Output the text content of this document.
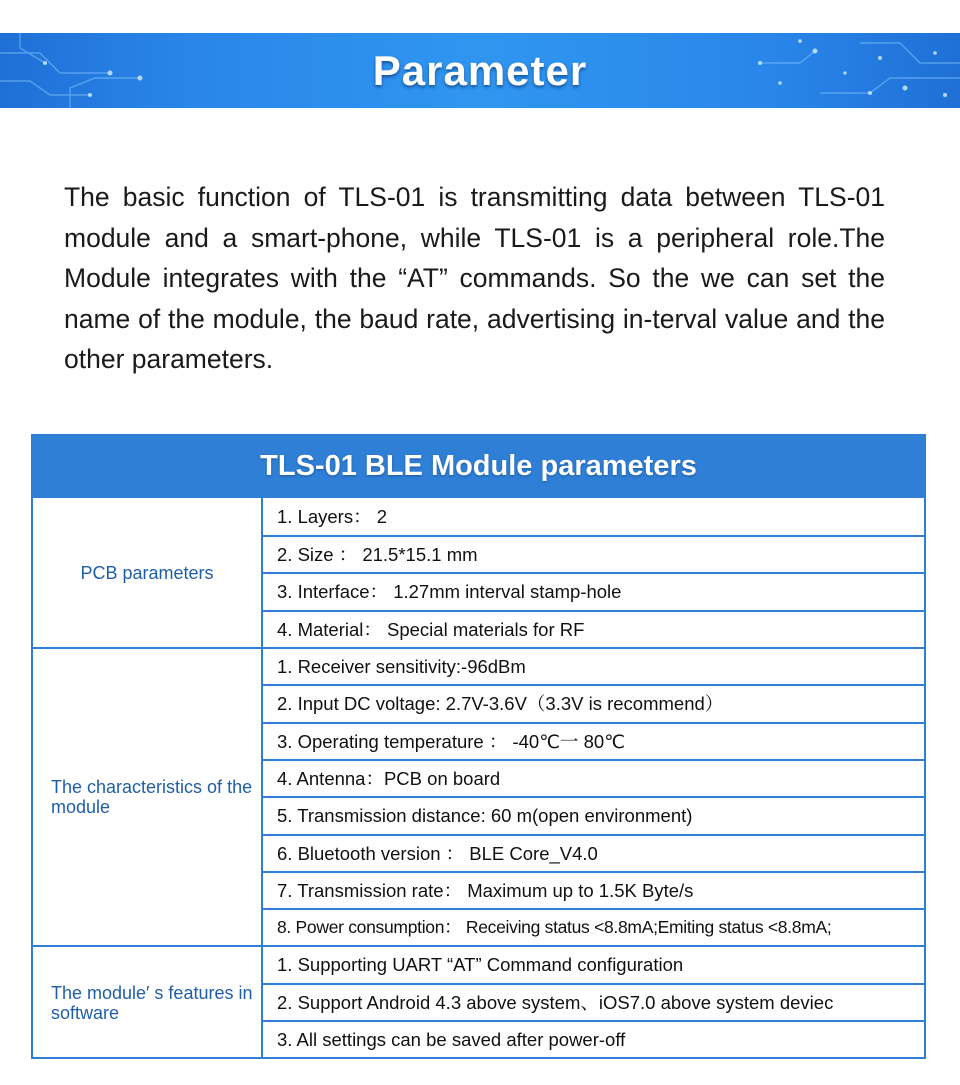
Parameter

The basic function of TLS-01 is transmitting data between TLS-01 module and a smart-phone, while TLS-01 is a peripheral role.The Module integrates with the “AT” commands. So the we can set the name of the module, the baud rate, advertising in-terval value and the other parameters.

TLS-01 BLE Module parameters
PCB parameters
The characteristics of the module
The module′ s features in software
1. Layers： 2
2. Size ： 21.5*15.1 mm
3. Interface： 1.27mm interval stamp-hole
4. Material： Special materials for RF
1. Receiver sensitivity:-96dBm
2. Input DC voltage: 2.7V-3.6V（3.3V is recommend）
3. Operating temperature ： -40℃一 80℃
4. Antenna：PCB on board
5. Transmission distance: 60 m(open environment)
6. Bluetooth version ： BLE Core_V4.0
7. Transmission rate： Maximum up to 1.5K Byte/s
8. Power consumption： Receiving status <8.8mA;Emiting status <8.8mA;
1. Supporting UART “AT” Command configuration
2. Support Android 4.3 above system、iOS7.0 above system deviec
3. All settings can be saved after power-off
